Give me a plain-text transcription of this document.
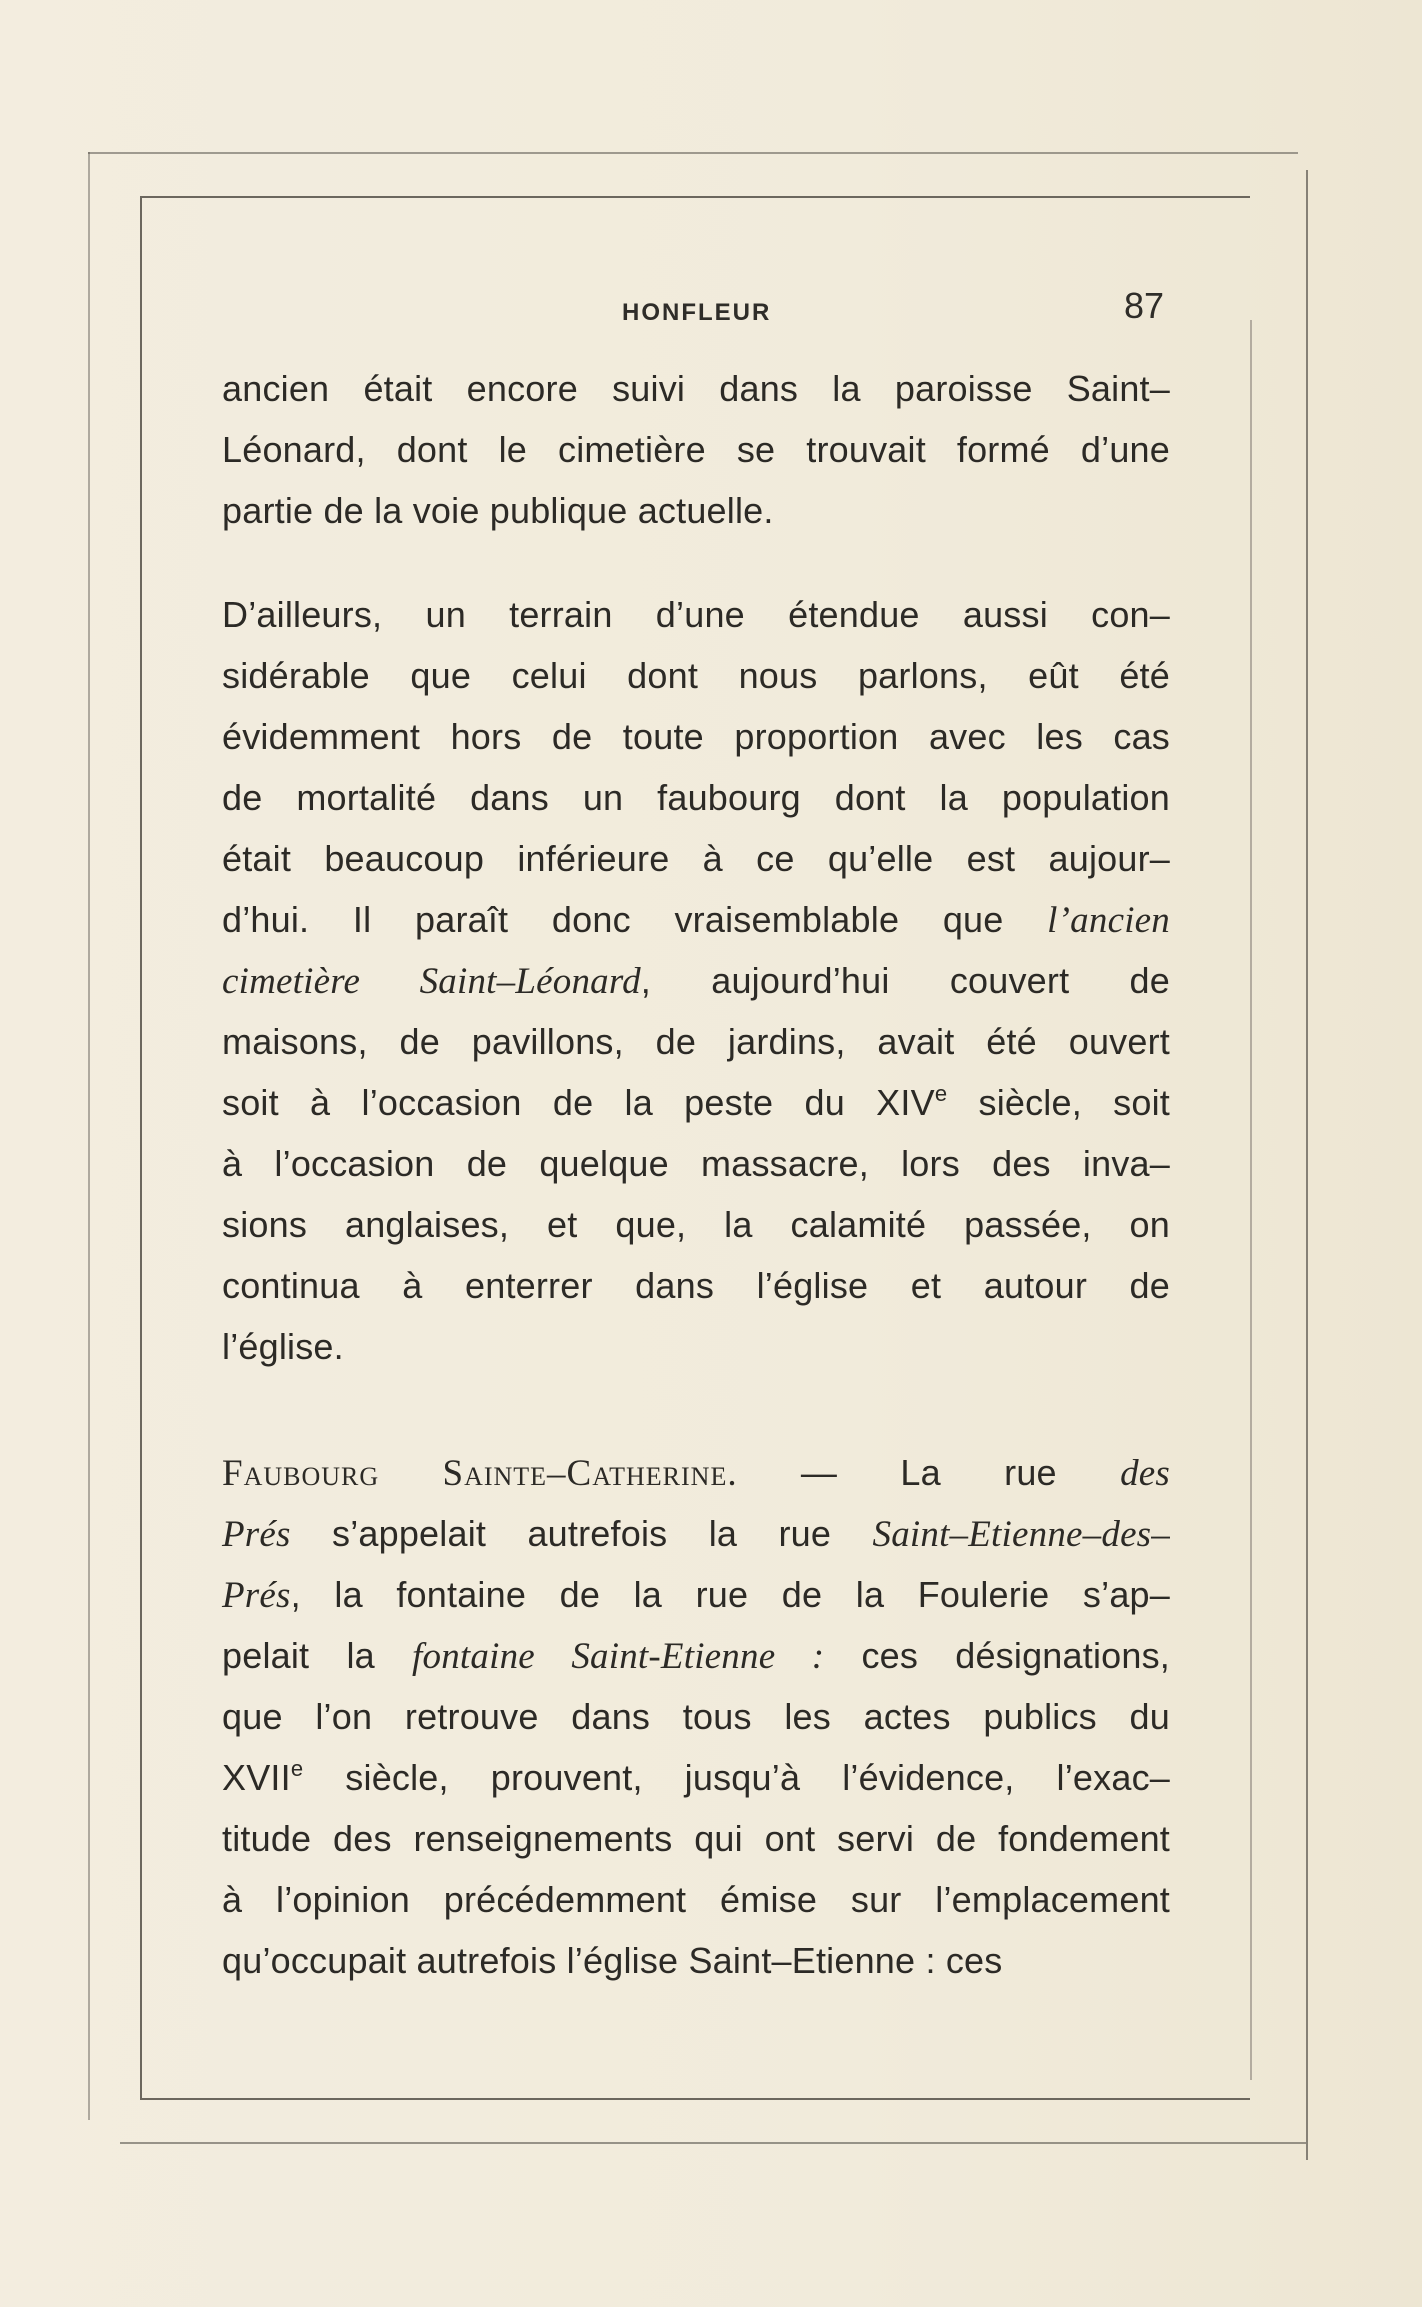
HONFLEUR	87
ancien était encore suivi dans la paroisse Saint–
Léonard, dont le cimetière se trouvait formé d’une
partie de la voie publique actuelle.
D’ailleurs, un terrain d’une étendue aussi con–
sidérable que celui dont nous parlons, eût été
évidemment hors de toute proportion avec les cas
de mortalité dans un faubourg dont la population
était beaucoup inférieure à ce qu’elle est aujour–
d’hui. Il paraît donc vraisemblable que l’ancien
cimetière Saint–Léonard, aujourd’hui couvert de
maisons, de pavillons, de jardins, avait été ouvert
soit à l’occasion de la peste du XIVe siècle, soit
à l’occasion de quelque massacre, lors des inva–
sions anglaises, et que, la calamité passée, on
continua à enterrer dans l’église et autour de
l’église.
Faubourg Sainte–Catherine. — La rue des
Prés s’appelait autrefois la rue Saint–Etienne–des–
Prés, la fontaine de la rue de la Foulerie s’ap–
pelait la fontaine Saint-Etienne : ces désignations,
que l’on retrouve dans tous les actes publics du
XVIIe siècle, prouvent, jusqu’à l’évidence, l’exac–
titude des renseignements qui ont servi de fondement
à l’opinion précédemment émise sur l’emplacement
qu’occupait autrefois l’église Saint–Etienne : ces
